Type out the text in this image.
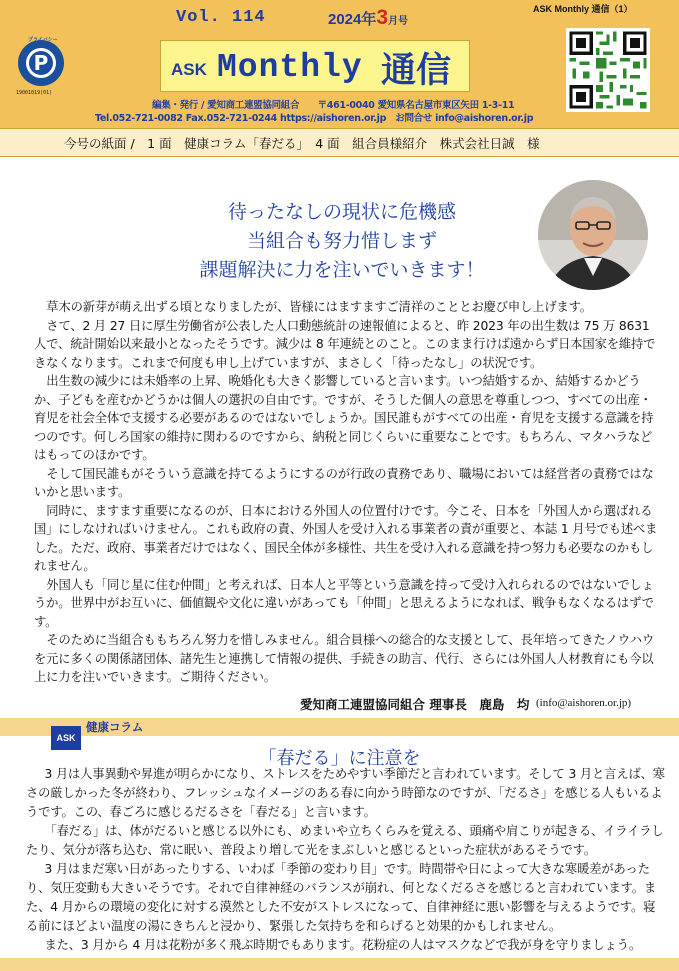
P
プライバシー
19001019(01)
Vol. 114	2024年3月号
ASK Monthly 通信（1）
ASK Monthly 通信
編集・発行 / 愛知商工連盟協同組合　　〒461-0040 愛知県名古屋市東区矢田 1-3-11
Tel.052-721-0082 Fax.052-721-0244 https://aishoren.or.jp　お問合せ info@aishoren.or.jp
今号の紙面 /　1 面　健康コラム「春だる」　4 面　組合員様紹介　株式会社日誠　様
待ったなしの現状に危機感
当組合も努力惜しまず
課題解決に力を注いでいきます！

草木の新芽が萌え出ずる頃となりましたが、皆様にはますますご清祥のこととお慶び申し上げます。

さて、2 月 27 日に厚生労働省が公表した人口動態統計の速報値によると、昨 2023 年の出生数は 75 万 8631 人で、統計開始以来最小となったそうです。減少は 8 年連続とのこと。このまま行けば遠からず日本国家を維持できなくなります。これまで何度も申し上げていますが、まさしく「待ったなし」の状況です。

出生数の減少には未婚率の上昇、晩婚化も大きく影響していると言います。いつ結婚するか、結婚するかどうか、子どもを産むかどうかは個人の選択の自由です。ですが、そうした個人の意思を尊重しつつ、すべての出産・育児を社会全体で支援する必要があるのではないでしょうか。国民誰もがすべての出産・育児を支援する意識を持つのです。何しろ国家の維持に関わるのですから、納税と同じくらいに重要なことです。もちろん、マタハラなどはもってのほかです。

そして国民誰もがそういう意識を持てるようにするのが行政の責務であり、職場においては経営者の責務ではないかと思います。

同時に、ますます重要になるのが、日本における外国人の位置付けです。今こそ、日本を「外国人から選ばれる国」にしなければいけません。これも政府の責、外国人を受け入れる事業者の責が重要と、本誌 1 月号でも述べました。ただ、政府、事業者だけではなく、国民全体が多様性、共生を受け入れる意識を持つ努力も必要なのかもしれません。

外国人も「同じ星に住む仲間」と考えれば、日本人と平等という意識を持って受け入れられるのではないでしょうか。世界中がお互いに、価値観や文化に違いがあっても「仲間」と思えるようになれば、戦争もなくなるはずです。

そのために当組合ももちろん努力を惜しみません。組合員様への総合的な支援として、長年培ってきたノウハウを元に多くの関係諸団体、諸先生と連携して情報の提供、手続きの助言、代行、さらには外国人人材教育にも今以上に力を注いでいきます。ご期待ください。

愛知商工連盟協同組合 理事長　鹿島　均 (info@aishoren.or.jp)
ASK
健康コラム
「春だる」に注意を

3 月は人事異動や昇進が明らかになり、ストレスをためやすい季節だと言われています。そして 3 月と言えば、寒さの厳しかった冬が終わり、フレッシュなイメージのある春に向かう時節なのですが、「だるさ」を感じる人もいるようです。この、春ごろに感じるだるさを「春だる」と言います。

「春だる」は、体がだるいと感じる以外にも、めまいや立ちくらみを覚える、頭痛や肩こりが起きる、イライラしたり、気分が落ち込む、常に眠い、普段より増して光をまぶしいと感じるといった症状があるそうです。

3 月はまだ寒い日があったりする、いわば「季節の変わり目」です。時間帯や日によって大きな寒暖差があったり、気圧変動も大きいそうです。それで自律神経のバランスが崩れ、何となくだるさを感じると言われています。また、4 月からの環境の変化に対する漠然とした不安がストレスになって、自律神経に悪い影響を与えるようです。寝る前にほどよい温度の湯にきちんと浸かり、緊張した気持ちを和らげると効果的かもしれません。

また、3 月から 4 月は花粉が多く飛ぶ時期でもあります。花粉症の人はマスクなどで我が身を守りましょう。
